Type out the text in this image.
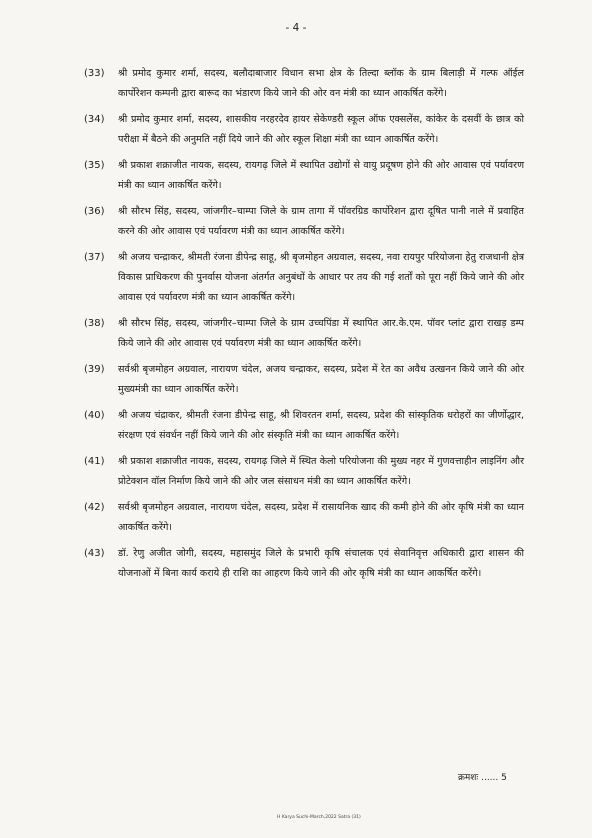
- 4 -
(33)	श्री प्रमोद कुमार शर्मा, सदस्य, बलौदाबाजार विधान सभा क्षेत्र के तिल्दा ब्लॉक के ग्राम बिलाड़ी में गल्फ ऑईल कार्पोरेशन कम्पनी द्वारा बारूद का भंडारण किये जाने की ओर वन मंत्री का ध्यान आकर्षित करेंगे।
(34)	श्री प्रमोद कुमार शर्मा, सदस्य, शासकीय नरहरदेव हायर सेकेण्डरी स्कूल ऑफ एक्सलेंस, कांकेर के दसवीं के छात्र को परीक्षा में बैठने की अनुमति नहीं दिये जाने की ओर स्कूल शिक्षा मंत्री का ध्यान आकर्षित करेंगे।
(35)	श्री प्रकाश शक्राजीत नायक, सदस्य, रायगढ़ जिले में स्थापित उद्योगों से वायु प्रदूषण होने की ओर आवास एवं पर्यावरण मंत्री का ध्यान आकर्षित करेंगे।
(36)	श्री सौरभ सिंह, सदस्य, जांजगीर–चाम्पा जिले के ग्राम तागा में पॉवरग्रिड कार्पोरेशन द्वारा दूषित पानी नाले में प्रवाहित करने की ओर आवास एवं पर्यावरण मंत्री का ध्यान आकर्षित करेंगे।
(37)	श्री अजय चन्द्राकर, श्रीमती रंजना डीपेन्द्र साहू, श्री बृजमोहन अग्रवाल, सदस्य, नवा रायपुर परियोजना हेतु राजधानी क्षेत्र विकास प्राधिकरण की पुनर्वास योजना अंतर्गत अनुबंधों के आधार पर तय की गई शर्तों को पूरा नहीं किये जाने की ओर आवास एवं पर्यावरण मंत्री का ध्यान आकर्षित करेंगे।
(38)	श्री सौरभ सिंह, सदस्य, जांजगीर–चाम्पा जिले के ग्राम उच्चपिंडा में स्थापित आर.के.एम. पॉवर प्लांट द्वारा राखड़ डम्प किये जाने की ओर आवास एवं पर्यावरण मंत्री का ध्यान आकर्षित करेंगे।
(39)	सर्वश्री बृजमोहन अग्रवाल, नारायण चंदेल, अजय चन्द्राकर, सदस्य, प्रदेश में रेत का अवैध उत्खनन किये जाने की ओर मुख्यमंत्री का ध्यान आकर्षित करेंगे।
(40)	श्री अजय चंद्राकर, श्रीमती रंजना डीपेन्द्र साहू, श्री शिवरतन शर्मा, सदस्य, प्रदेश की सांस्कृतिक धरोहरों का जीर्णोद्धार, संरक्षण एवं संवर्धन नहीं किये जाने की ओर संस्कृति मंत्री का ध्यान आकर्षित करेंगे।
(41)	श्री प्रकाश शक्राजीत नायक, सदस्य, रायगढ़ जिले में स्थित केलो परियोजना की मुख्य नहर में गुणवत्ताहीन लाइनिंग और प्रोटेक्शन वॉल निर्माण किये जाने की ओर जल संसाधन मंत्री का ध्यान आकर्षित करेंगे।
(42)	सर्वश्री बृजमोहन अग्रवाल, नारायण चंदेल, सदस्य, प्रदेश में रासायनिक खाद की कमी होने की ओर कृषि मंत्री का ध्यान आकर्षित करेंगे।
(43)	डॉ. रेणु अजीत जोगी, सदस्य, महासमुंद जिले के प्रभारी कृषि संचालक एवं सेवानिवृत्त अधिकारी द्वारा शासन की योजनाओं में बिना कार्य कराये ही राशि का आहरण किये जाने की ओर कृषि मंत्री का ध्यान आकर्षित करेंगे।
क्रमशः ...... 5
H Karya Suchi-March,2022 Satra (31)
